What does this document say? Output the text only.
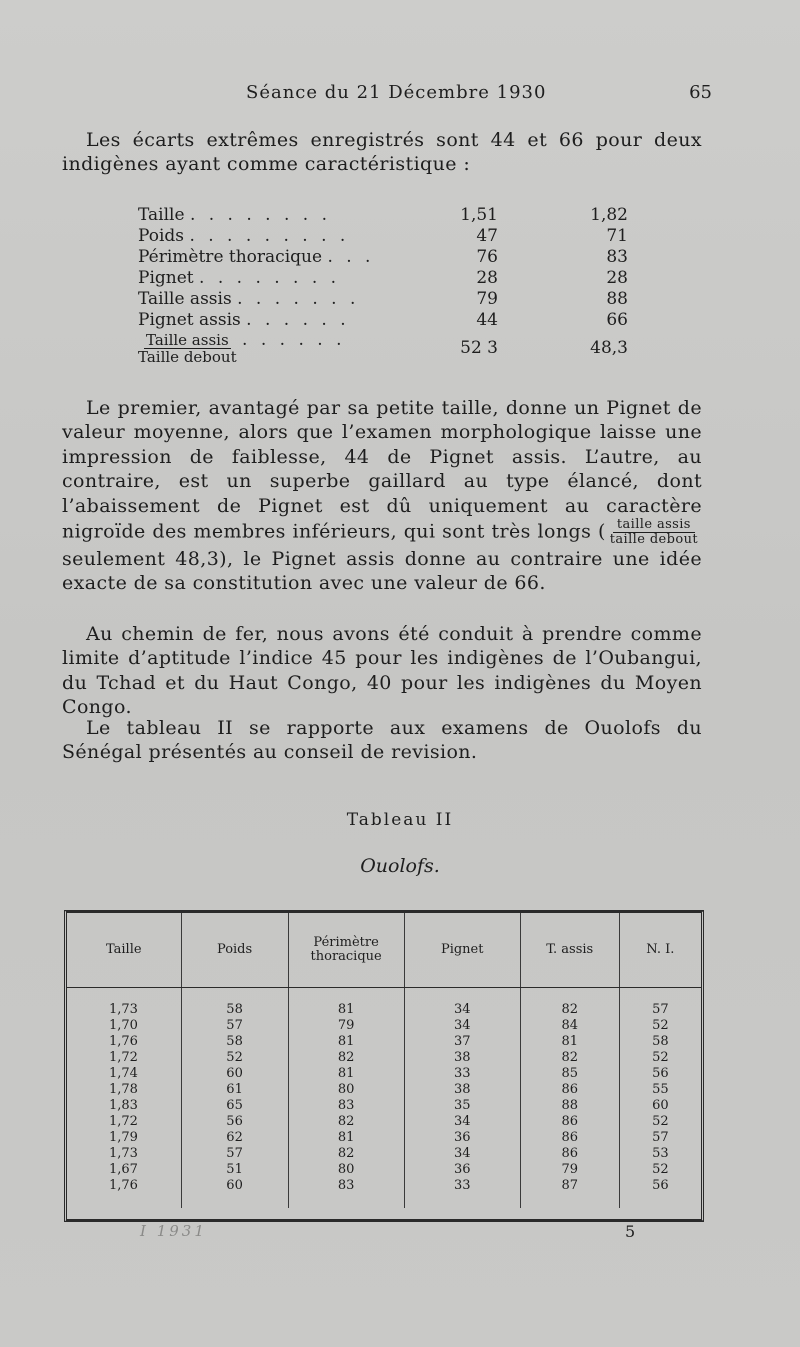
Séance du 21 Décembre 1930	65
Les écarts extrêmes enregistrés sont 44 et 66 pour deux indigènes ayant comme caractéristique :
Taille . . . . . . . .	1,51	1,82
Poids . . . . . . . . .	47	71
Périmètre thoracique . . .	76	83
Pignet . . . . . . . .	28	28
Taille assis . . . . . . .	79	88
Pignet assis . . . . . .	44	66

$\frac{\text{Taille assis}}{\text{Taille debout}}$ . . . . . .	52 3	48,3
Le premier, avantagé par sa petite taille, donne un Pignet de valeur moyenne, alors que l’examen morphologique laisse une impression de faiblesse, 44 de Pignet assis. L’autre, au contraire, est un superbe gaillard au type élancé, dont l’abaissement de Pignet est dû uniquement au caractère nigroïde des membres inférieurs, qui sont très longs ( $\frac{\text{taille assis}}{\text{taille debout}}$
seulement 48,3), le Pignet assis donne au contraire une idée exacte de sa constitution avec une valeur de 66.
Au chemin de fer, nous avons été conduit à prendre comme limite d’aptitude l’indice 45 pour les indigènes de l’Oubangui, du Tchad et du Haut Congo, 40 pour les indigènes du Moyen Congo.
Le tableau II se rapporte aux examens de Ouolofs du Sénégal présentés au conseil de revision.
Tableau II
Ouolofs.
Taille	Poids	Périmètre thoracique	Pignet	T. assis	N. I.
1,73	58	81	34	82	57
1,70	57	79	34	84	52
1,76	58	81	37	81	58
1,72	52	82	38	82	52
1,74	60	81	33	85	56
1,78	61	80	38	86	55
1,83	65	83	35	88	60
1,72	56	82	34	86	52
1,79	62	81	36	86	57
1,73	57	82	34	86	53
1,67	51	80	36	79	52
1,76	60	83	33	87	56
I 1931	5
